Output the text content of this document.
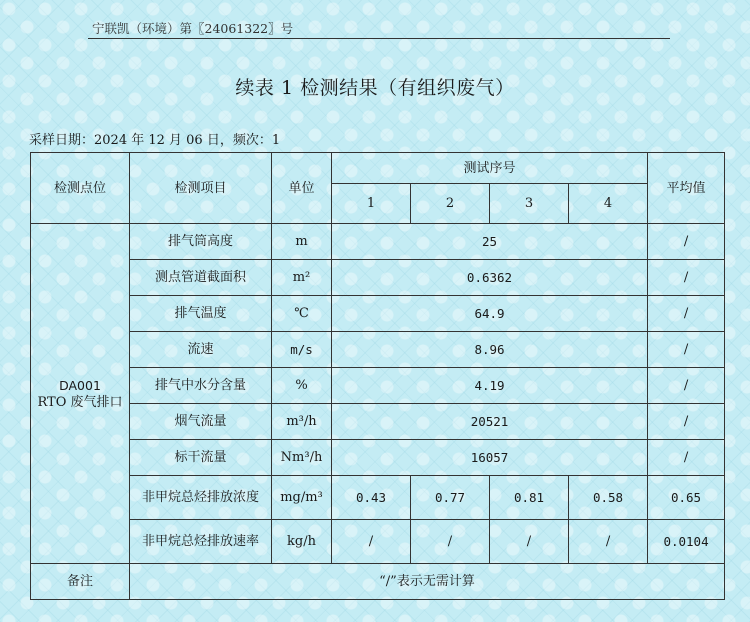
宁联凯（环境）第〖24061322〗号
续表 1 检测结果（有组织废气）
采样日期：2024 年 12 月 06 日，频次：1
检测点位	检测项目	单位	测试序号				平均值
			1	2	3	4	

DA001
RTO 废气排口	排气筒高度	m	25				/
	测点管道截面积	m²	0.6362				/
	排气温度	℃	64.9				/
	流速	m/s	8.96				/
	排气中水分含量	%	4.19				/
	烟气流量	m³/h	20521				/
	标干流量	Nm³/h	16057				/
	非甲烷总烃排放浓度	mg/m³	0.43	0.77	0.81	0.58	0.65
	非甲烷总烃排放速率	kg/h	/	/	/	/	0.0104
备注	“/”表示无需计算						
